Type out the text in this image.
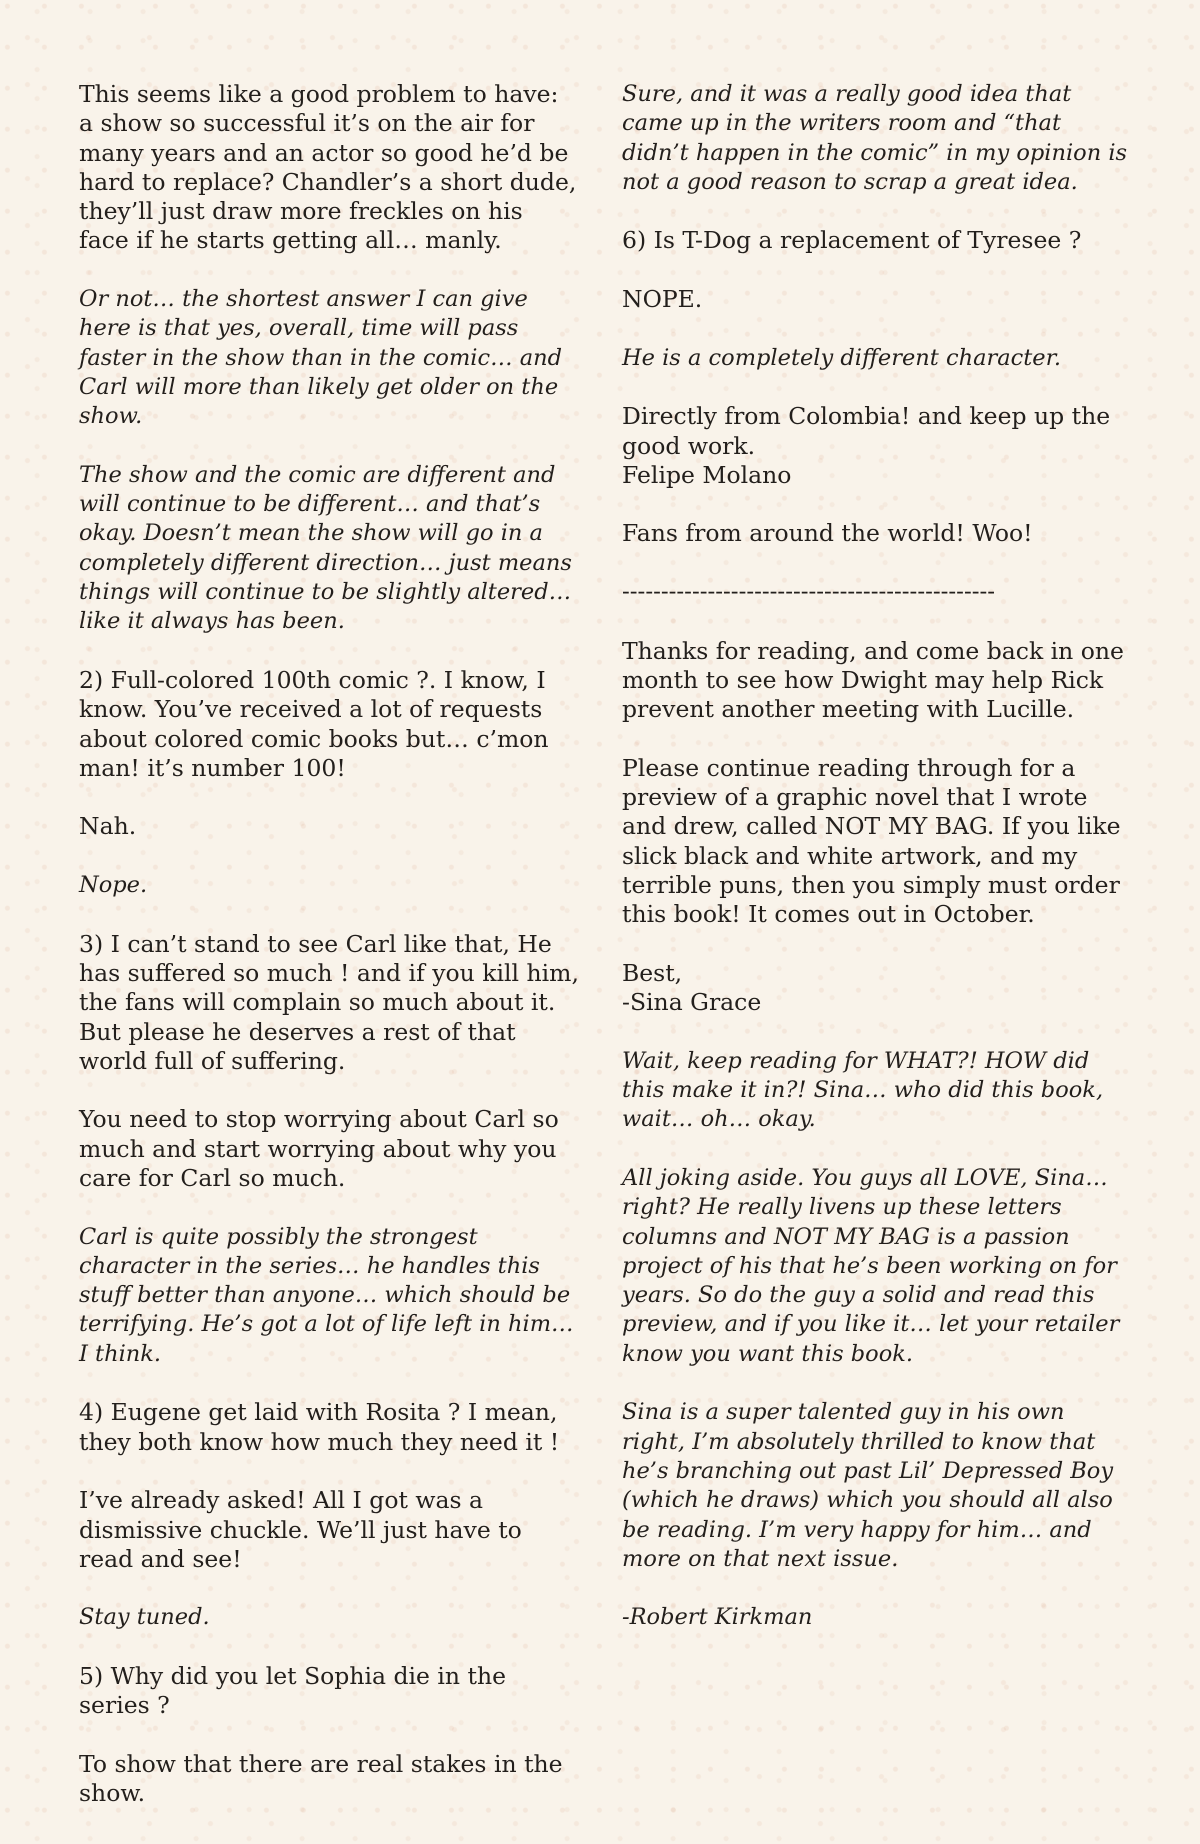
This seems like a good problem to have: a show so successful it’s on the air for many years and an actor so good he’d be hard to replace? Chandler’s a short dude, they’ll just draw more freckles on his face if he starts getting all… manly.

Or not… the shortest answer I can give here is that yes, overall, time will pass faster in the show than in the comic… and Carl will more than likely get older on the show.

The show and the comic are different and will continue to be different… and that’s okay. Doesn’t mean the show will go in a completely different direction… just means things will continue to be slightly altered… like it always has been.

2) Full-colored 100th comic ?. I know, I know. You’ve received a lot of requests about colored comic books but… c’mon man! it’s number 100!

Nah.

Nope.

3) I can’t stand to see Carl like that, He has suffered so much ! and if you kill him, the fans will complain so much about it. But please he deserves a rest of that world full of suffering.

You need to stop worrying about Carl so much and start worrying about why you care for Carl so much.

Carl is quite possibly the strongest character in the series… he handles this stuff better than anyone… which should be terrifying. He’s got a lot of life left in him… I think.

4) Eugene get laid with Rosita ? I mean, they both know how much they need it !

I’ve already asked! All I got was a dismissive chuckle. We’ll just have to read and see!

Stay tuned.

5) Why did you let Sophia die in the series ?

To show that there are real stakes in the show.

Sure, and it was a really good idea that came up in the writers room and “that didn’t happen in the comic” in my opinion is not a good reason to scrap a great idea.

6) Is T-Dog a replacement of Tyresee ?

NOPE.

He is a completely different character.

Directly from Colombia! and keep up the good work.
Felipe Molano

Fans from around the world! Woo!

------------------------------------------------

Thanks for reading, and come back in one month to see how Dwight may help Rick prevent another meeting with Lucille.

Please continue reading through for a preview of a graphic novel that I wrote and drew, called NOT MY BAG. If you like slick black and white artwork, and my terrible puns, then you simply must order this book! It comes out in October.

Best,
-Sina Grace

Wait, keep reading for WHAT?! HOW did this make it in?! Sina… who did this book, wait… oh… okay.

All joking aside. You guys all LOVE, Sina… right? He really livens up these letters columns and NOT MY BAG is a passion project of his that he’s been working on for years. So do the guy a solid and read this preview, and if you like it… let your retailer know you want this book.

Sina is a super talented guy in his own right, I’m absolutely thrilled to know that he’s branching out past Lil’ Depressed Boy (which he draws) which you should all also be reading. I’m very happy for him… and more on that next issue.

-Robert Kirkman
